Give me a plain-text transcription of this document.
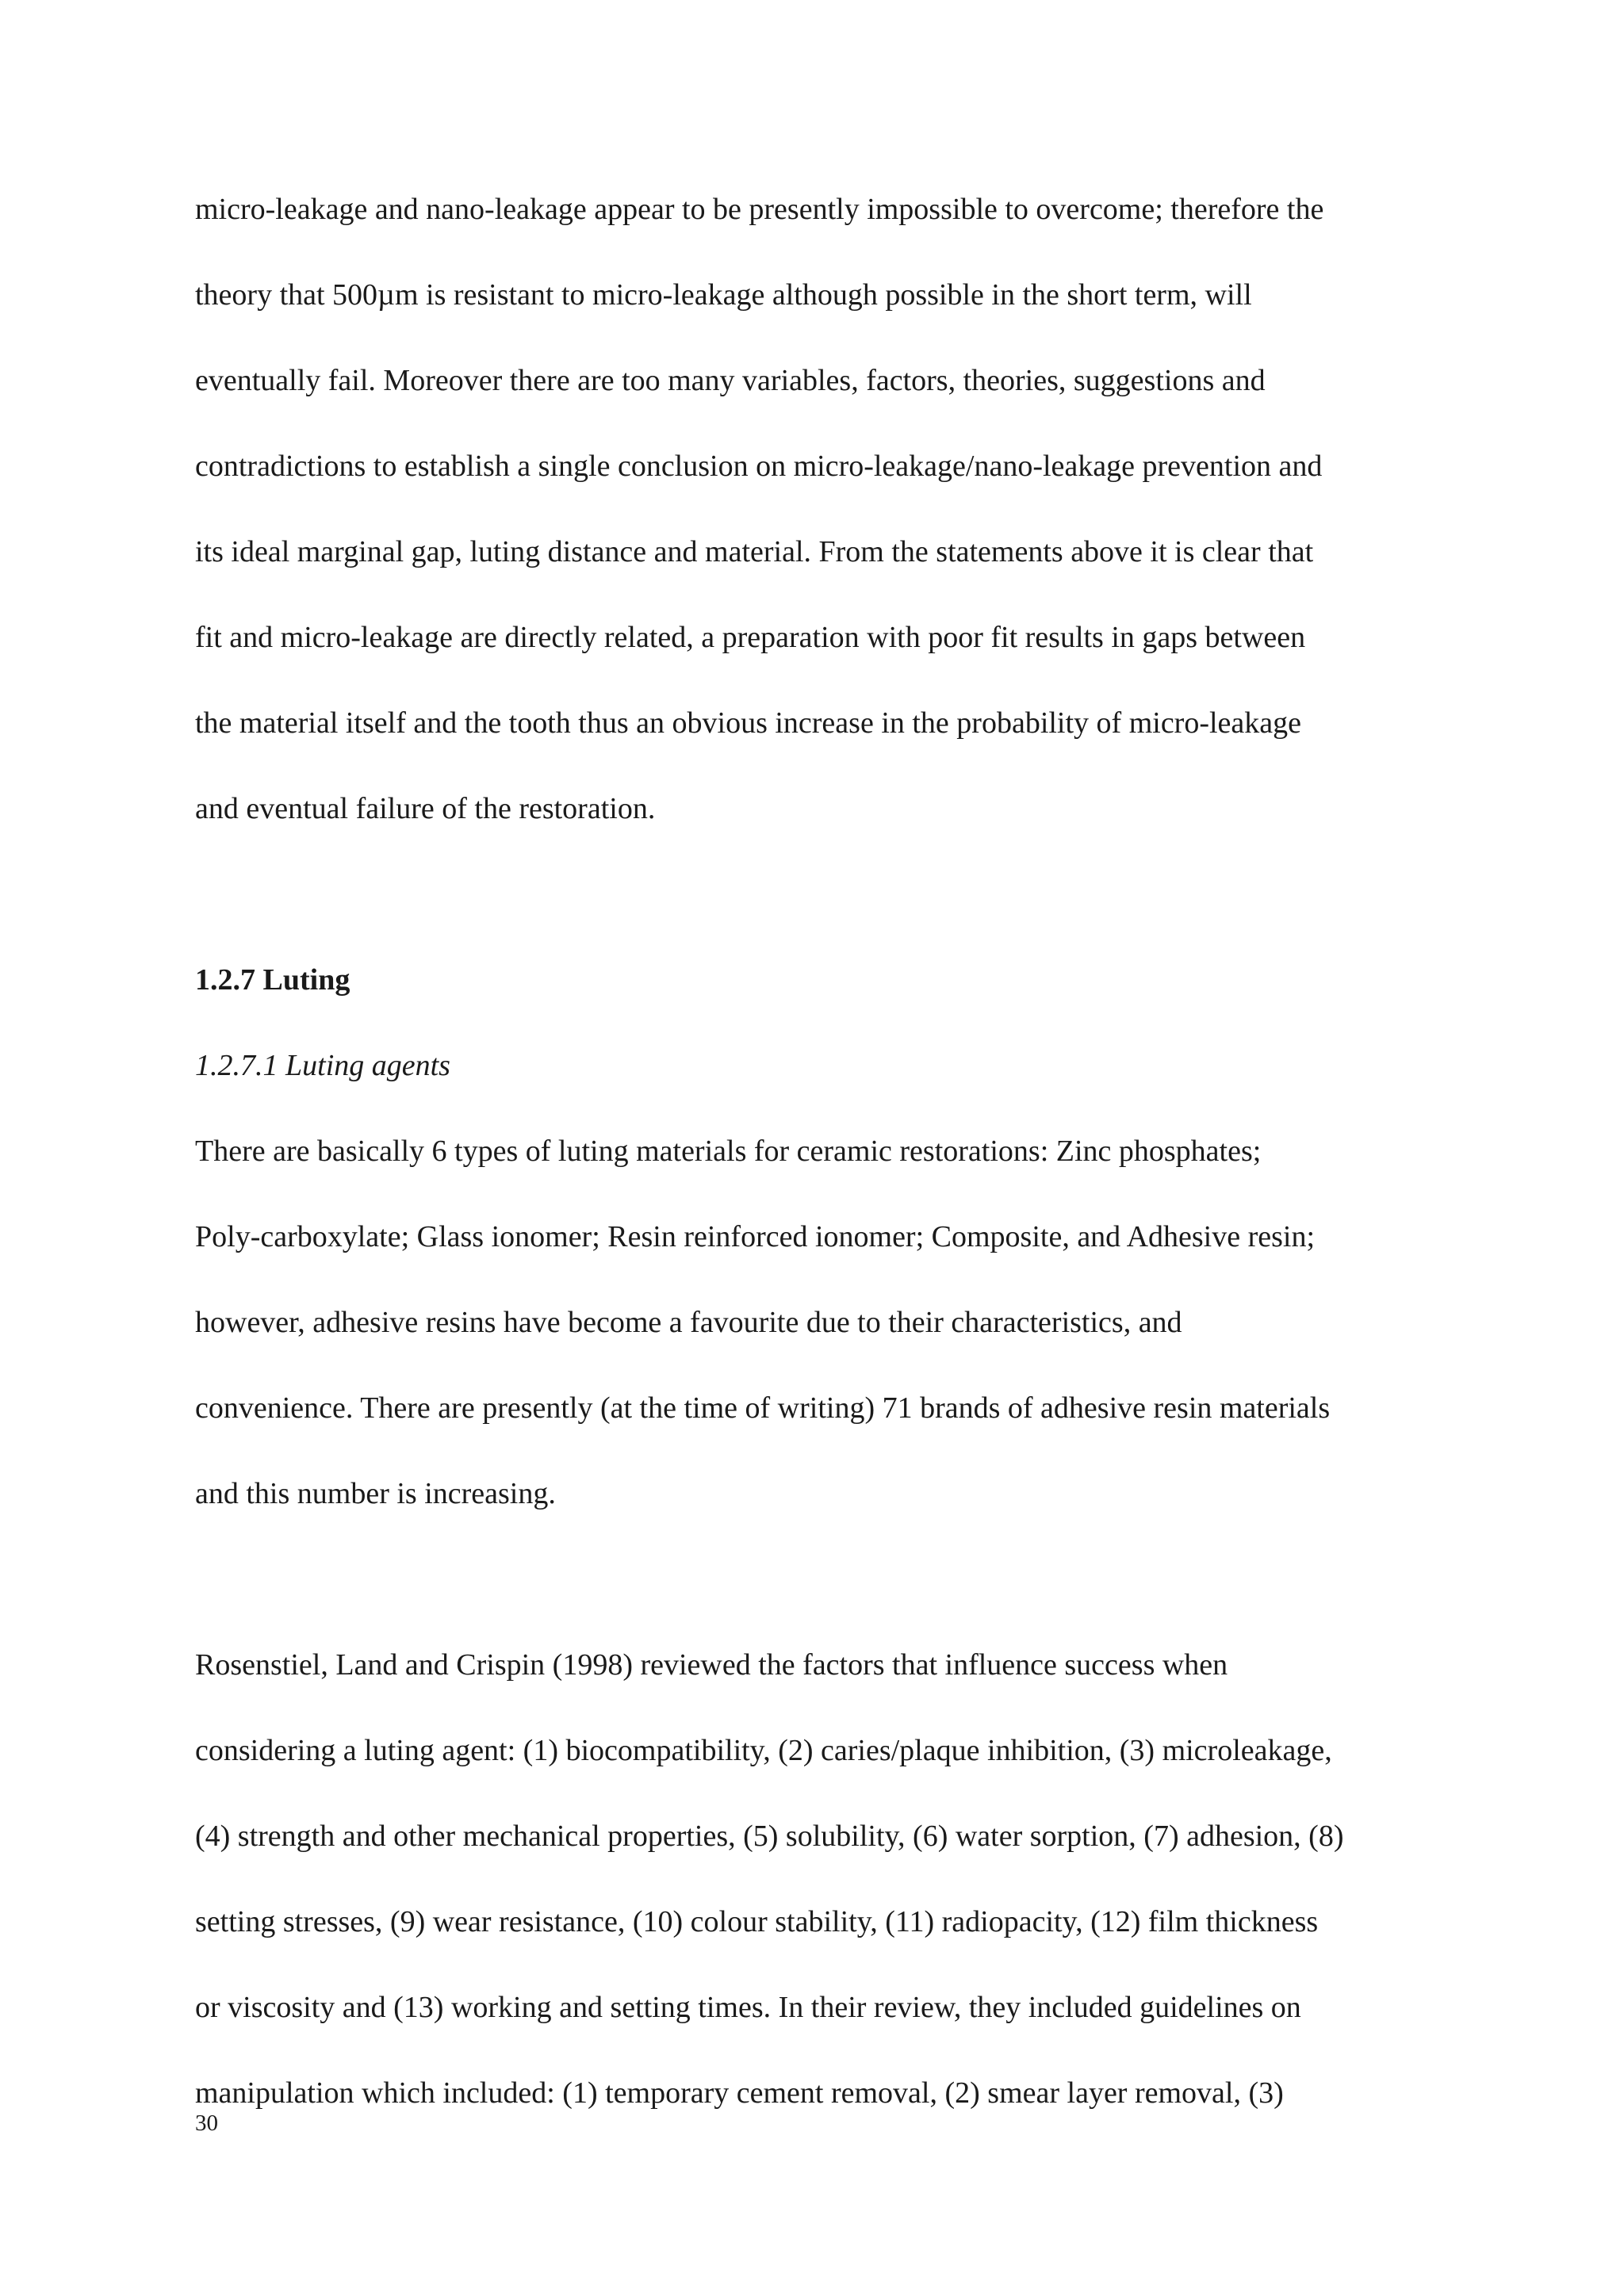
micro-leakage and nano-leakage appear to be presently impossible to overcome; therefore the

theory that 500µm is resistant to micro-leakage although possible in the short term, will

eventually fail. Moreover there are too many variables, factors, theories, suggestions and

contradictions to establish a single conclusion on micro-leakage/nano-leakage prevention and

its ideal marginal gap, luting distance and material. From the statements above it is clear that

fit and micro-leakage are directly related, a preparation with poor fit results in gaps between

the material itself and the tooth thus an obvious increase in the probability of micro-leakage

and eventual failure of the restoration.

1.2.7 Luting

1.2.7.1 Luting agents

There are basically 6 types of luting materials for ceramic restorations: Zinc phosphates;

Poly-carboxylate; Glass ionomer; Resin reinforced ionomer; Composite, and Adhesive resin;

however, adhesive resins have become a favourite due to their characteristics, and

convenience. There are presently (at the time of writing) 71 brands of adhesive resin materials

and this number is increasing.

Rosenstiel, Land and Crispin (1998) reviewed the factors that influence success when

considering a luting agent: (1) biocompatibility, (2) caries/plaque inhibition, (3) microleakage,

(4) strength and other mechanical properties, (5) solubility, (6) water sorption, (7) adhesion, (8)

setting stresses, (9) wear resistance, (10) colour stability, (11) radiopacity, (12) film thickness

or viscosity and (13) working and setting times. In their review, they included guidelines on

manipulation which included: (1) temporary cement removal, (2) smear layer removal, (3)

30
